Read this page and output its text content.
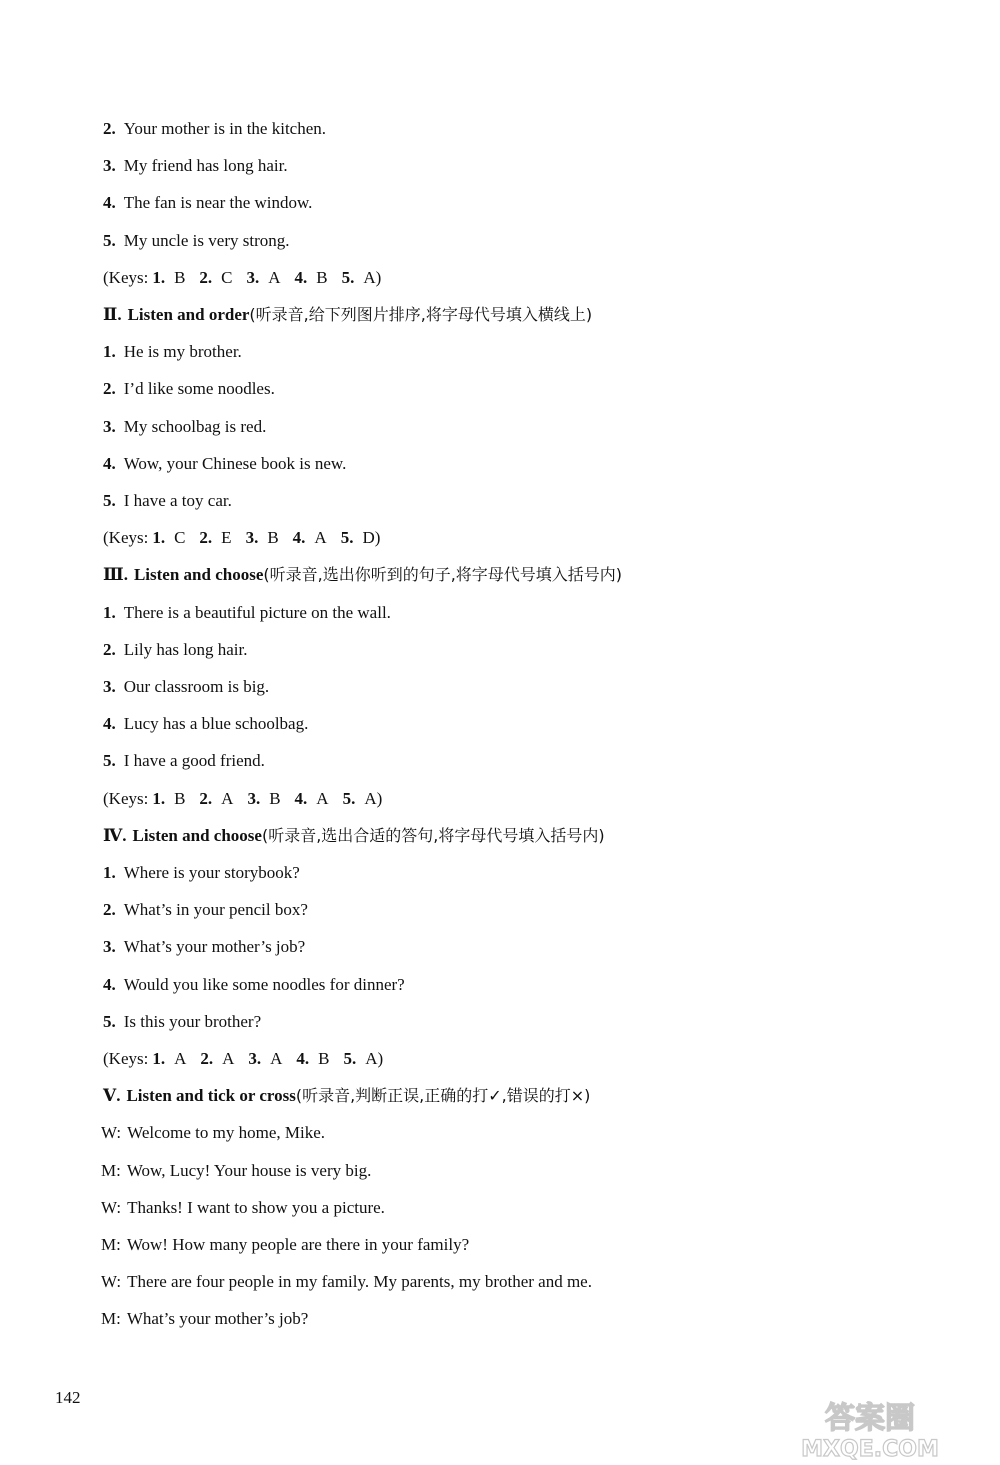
2. Your mother is in the kitchen.
3. My friend has long hair.
4. The fan is near the window.
5. My uncle is very strong.
(Keys: 1. B 2. C 3. A 4. B 5. A)
Ⅱ. Listen and order(听录音,给下列图片排序,将字母代号填入横线上)
1. He is my brother.
2. I’d like some noodles.
3. My schoolbag is red.
4. Wow, your Chinese book is new.
5. I have a toy car.
(Keys: 1. C 2. E 3. B 4. A 5. D)
Ⅲ. Listen and choose(听录音,选出你听到的句子,将字母代号填入括号内)
1. There is a beautiful picture on the wall.
2. Lily has long hair.
3. Our classroom is big.
4. Lucy has a blue schoolbag.
5. I have a good friend.
(Keys: 1. B 2. A 3. B 4. A 5. A)
Ⅳ. Listen and choose(听录音,选出合适的答句,将字母代号填入括号内)
1. Where is your storybook?
2. What’s in your pencil box?
3. What’s your mother’s job?
4. Would you like some noodles for dinner?
5. Is this your brother?
(Keys: 1. A 2. A 3. A 4. B 5. A)
Ⅴ. Listen and tick or cross(听录音,判断正误,正确的打✓,错误的打×)
W: Welcome to my home, Mike.
M: Wow, Lucy! Your house is very big.
W: Thanks! I want to show you a picture.
M: Wow! How many people are there in your family?
W: There are four people in my family. My parents, my brother and me.
M: What’s your mother’s job?
142
答案圈
MXQE.COM
